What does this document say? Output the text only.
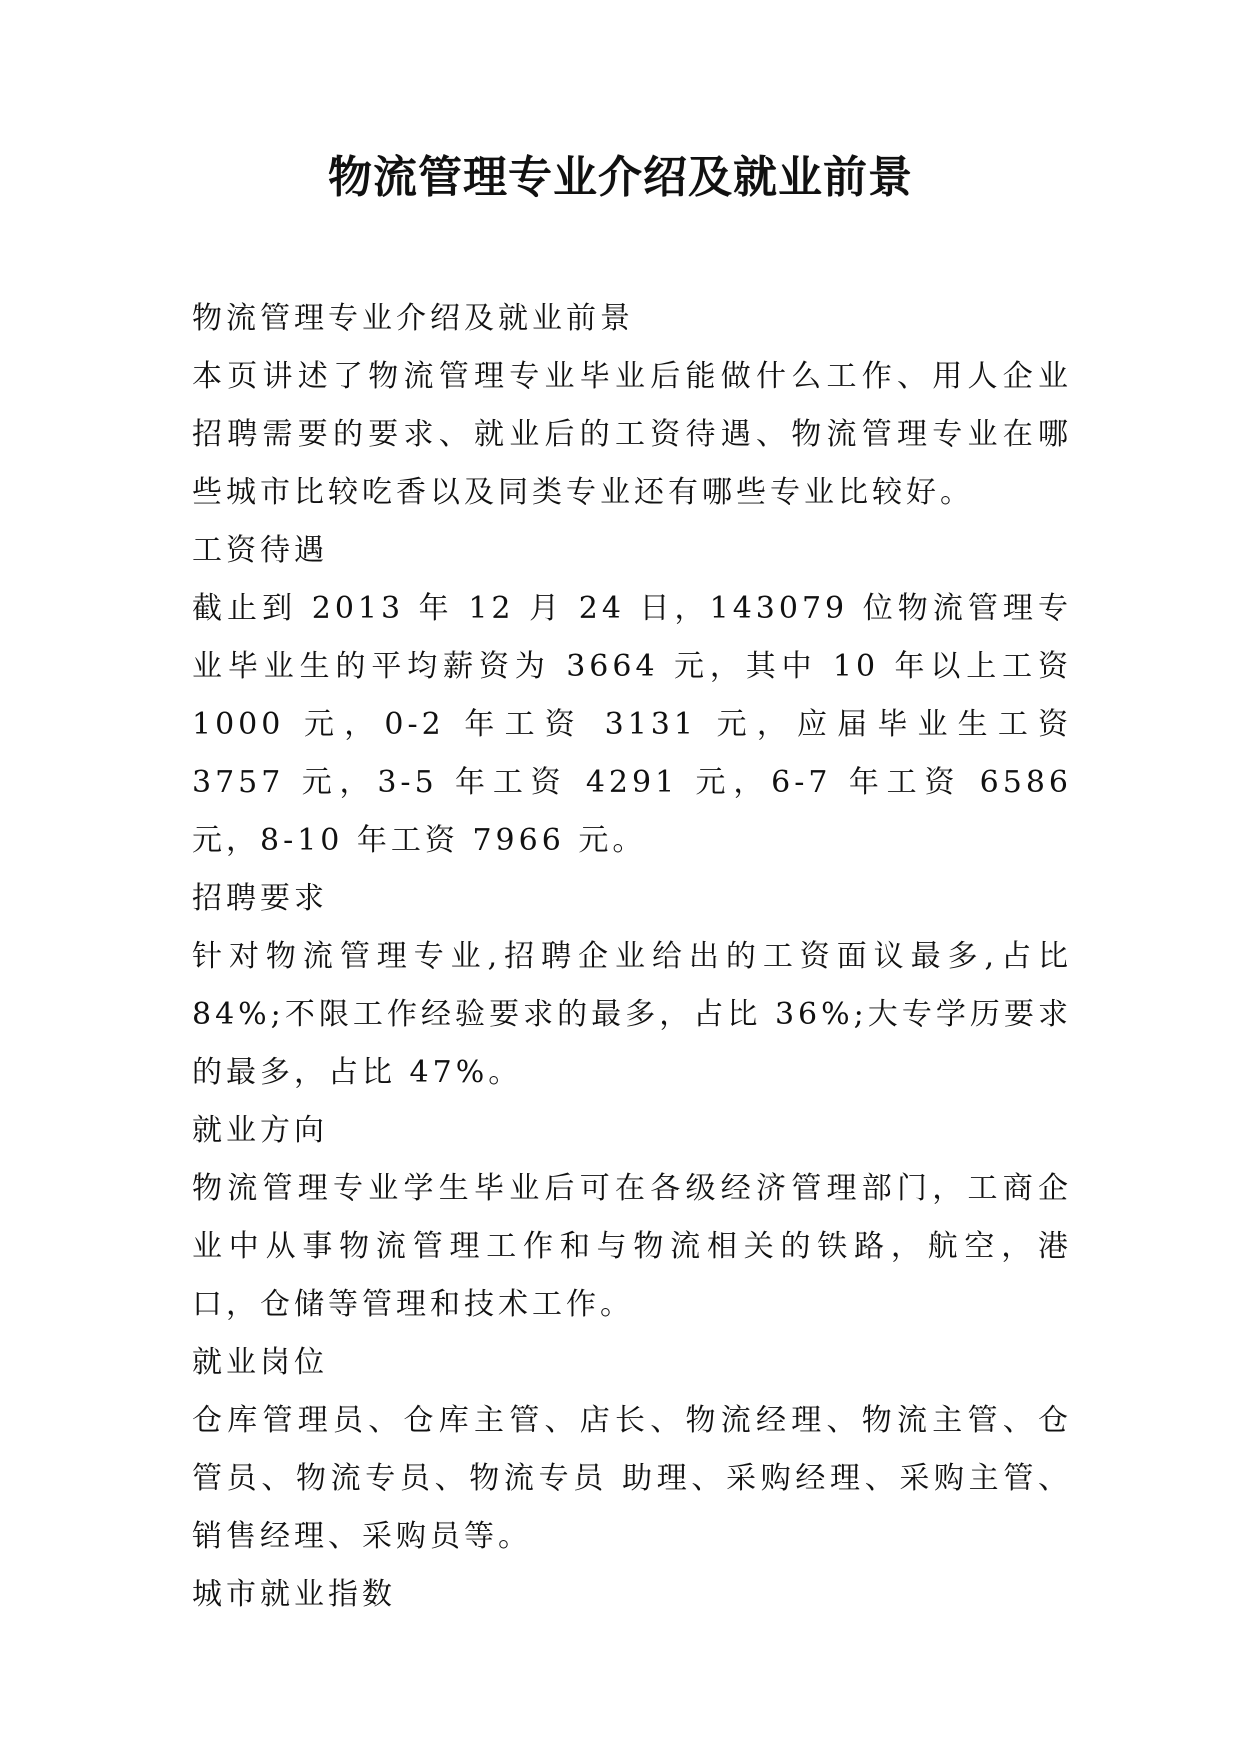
物流管理专业介绍及就业前景

物流管理专业介绍及就业前景

本页讲述了物流管理专业毕业后能做什么工作、用人企业招聘需要的要求、就业后的工资待遇、物流管理专业在哪些城市比较吃香以及同类专业还有哪些专业比较好。

工资待遇

截止到 2013 年 12 月 24 日，143079 位物流管理专业毕业生的平均薪资为 3664 元，其中 10 年以上工资 1000 元，0-2 年工资 3131 元，应届毕业生工资 3757 元，3-5 年工资 4291 元，6-7 年工资 6586 元，8-10 年工资 7966 元。

招聘要求

针对物流管理专业,招聘企业给出的工资面议最多,占比 84%;不限工作经验要求的最多，占比 36%;大专学历要求的最多，占比 47%。

就业方向

物流管理专业学生毕业后可在各级经济管理部门，工商企业中从事物流管理工作和与物流相关的铁路，航空，港口，仓储等管理和技术工作。

就业岗位

仓库管理员、仓库主管、店长、物流经理、物流主管、仓管员、物流专员、物流专员 助理、采购经理、采购主管、销售经理、采购员等。

城市就业指数
